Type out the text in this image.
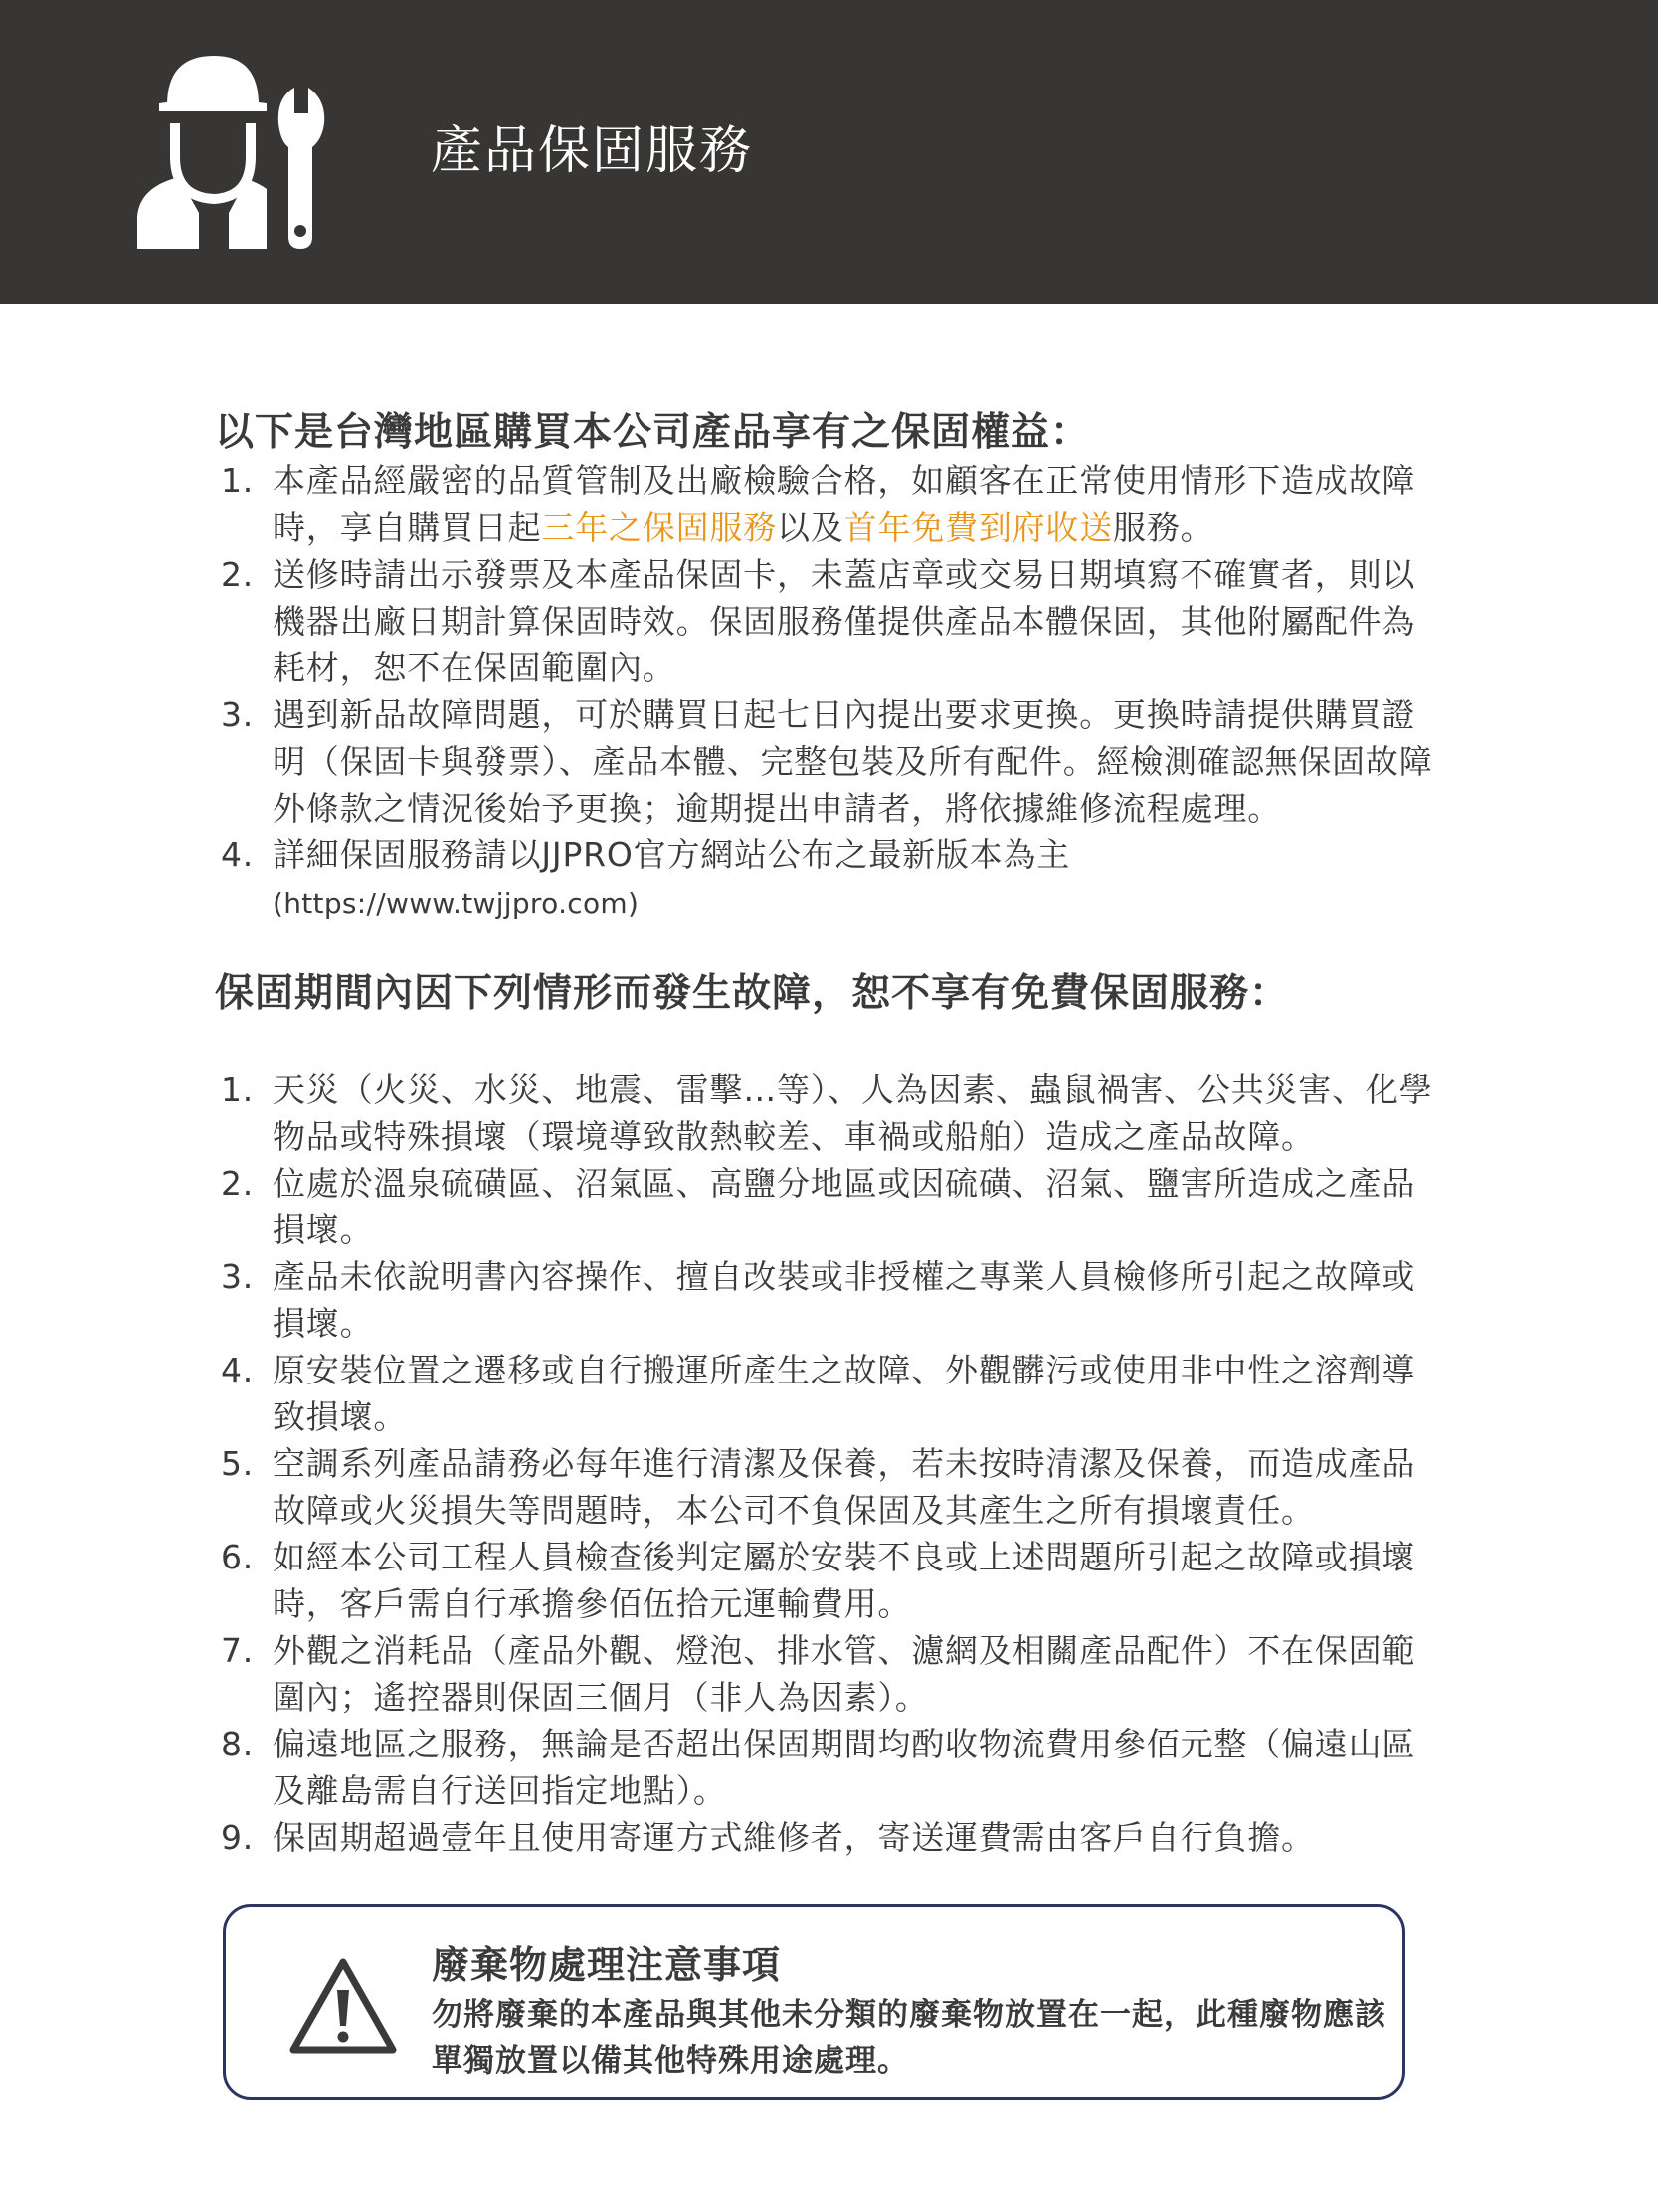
產品保固服務
以下是台灣地區購買本公司產品享有之保固權益：
1. 本產品經嚴密的品質管制及出廠檢驗合格，如顧客在正常使用情形下造成故障時，享自購買日起三年之保固服務以及首年免費到府收送服務。
2. 送修時請出示發票及本產品保固卡，未蓋店章或交易日期填寫不確實者，則以機器出廠日期計算保固時效。保固服務僅提供產品本體保固，其他附屬配件為耗材，恕不在保固範圍內。
3. 遇到新品故障問題，可於購買日起七日內提出要求更換。更換時請提供購買證明（保固卡與發票）、產品本體、完整包裝及所有配件。經檢測確認無保固故障外條款之情況後始予更換；逾期提出申請者，將依據維修流程處理。
4. 詳細保固服務請以JJPRO官方網站公布之最新版本為主
(https://www.twjjpro.com)
保固期間內因下列情形而發生故障，恕不享有免費保固服務：
1. 天災（火災、水災、地震、雷擊…等）、人為因素、蟲鼠禍害、公共災害、化學物品或特殊損壞（環境導致散熱較差、車禍或船舶）造成之產品故障。
2. 位處於溫泉硫磺區、沼氣區、高鹽分地區或因硫磺、沼氣、鹽害所造成之產品損壞。
3. 產品未依說明書內容操作、擅自改裝或非授權之專業人員檢修所引起之故障或損壞。
4. 原安裝位置之遷移或自行搬運所產生之故障、外觀髒污或使用非中性之溶劑導致損壞。
5. 空調系列產品請務必每年進行清潔及保養，若未按時清潔及保養，而造成產品故障或火災損失等問題時，本公司不負保固及其產生之所有損壞責任。
6. 如經本公司工程人員檢查後判定屬於安裝不良或上述問題所引起之故障或損壞時，客戶需自行承擔參佰伍拾元運輸費用。
7. 外觀之消耗品（產品外觀、燈泡、排水管、濾網及相關產品配件）不在保固範圍內；遙控器則保固三個月（非人為因素）。
8. 偏遠地區之服務，無論是否超出保固期間均酌收物流費用參佰元整（偏遠山區及離島需自行送回指定地點）。
9. 保固期超過壹年且使用寄運方式維修者，寄送運費需由客戶自行負擔。
廢棄物處理注意事項
勿將廢棄的本產品與其他未分類的廢棄物放置在一起，此種廢物應該單獨放置以備其他特殊用途處理。
